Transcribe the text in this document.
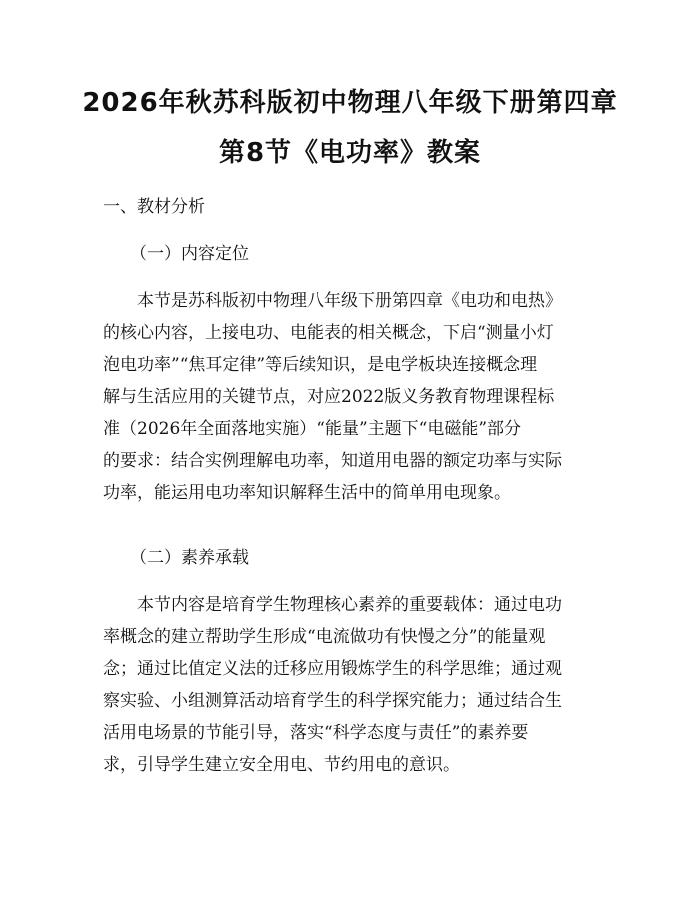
2026年秋苏科版初中物理八年级下册第四章
第8节《电功率》教案
一、教材分析
（一）内容定位
本节是苏科版初中物理八年级下册第四章《电功和电热》
的核心内容，上接电功、电能表的相关概念，下启“测量小灯
泡电功率”“焦耳定律”等后续知识，是电学板块连接概念理
解与生活应用的关键节点，对应2022版义务教育物理课程标
准（2026年全面落地实施）“能量”主题下“电磁能”部分
的要求：结合实例理解电功率，知道用电器的额定功率与实际
功率，能运用电功率知识解释生活中的简单用电现象。
（二）素养承载
本节内容是培育学生物理核心素养的重要载体：通过电功
率概念的建立帮助学生形成“电流做功有快慢之分”的能量观
念；通过比值定义法的迁移应用锻炼学生的科学思维；通过观
察实验、小组测算活动培育学生的科学探究能力；通过结合生
活用电场景的节能引导，落实“科学态度与责任”的素养要
求，引导学生建立安全用电、节约用电的意识。
